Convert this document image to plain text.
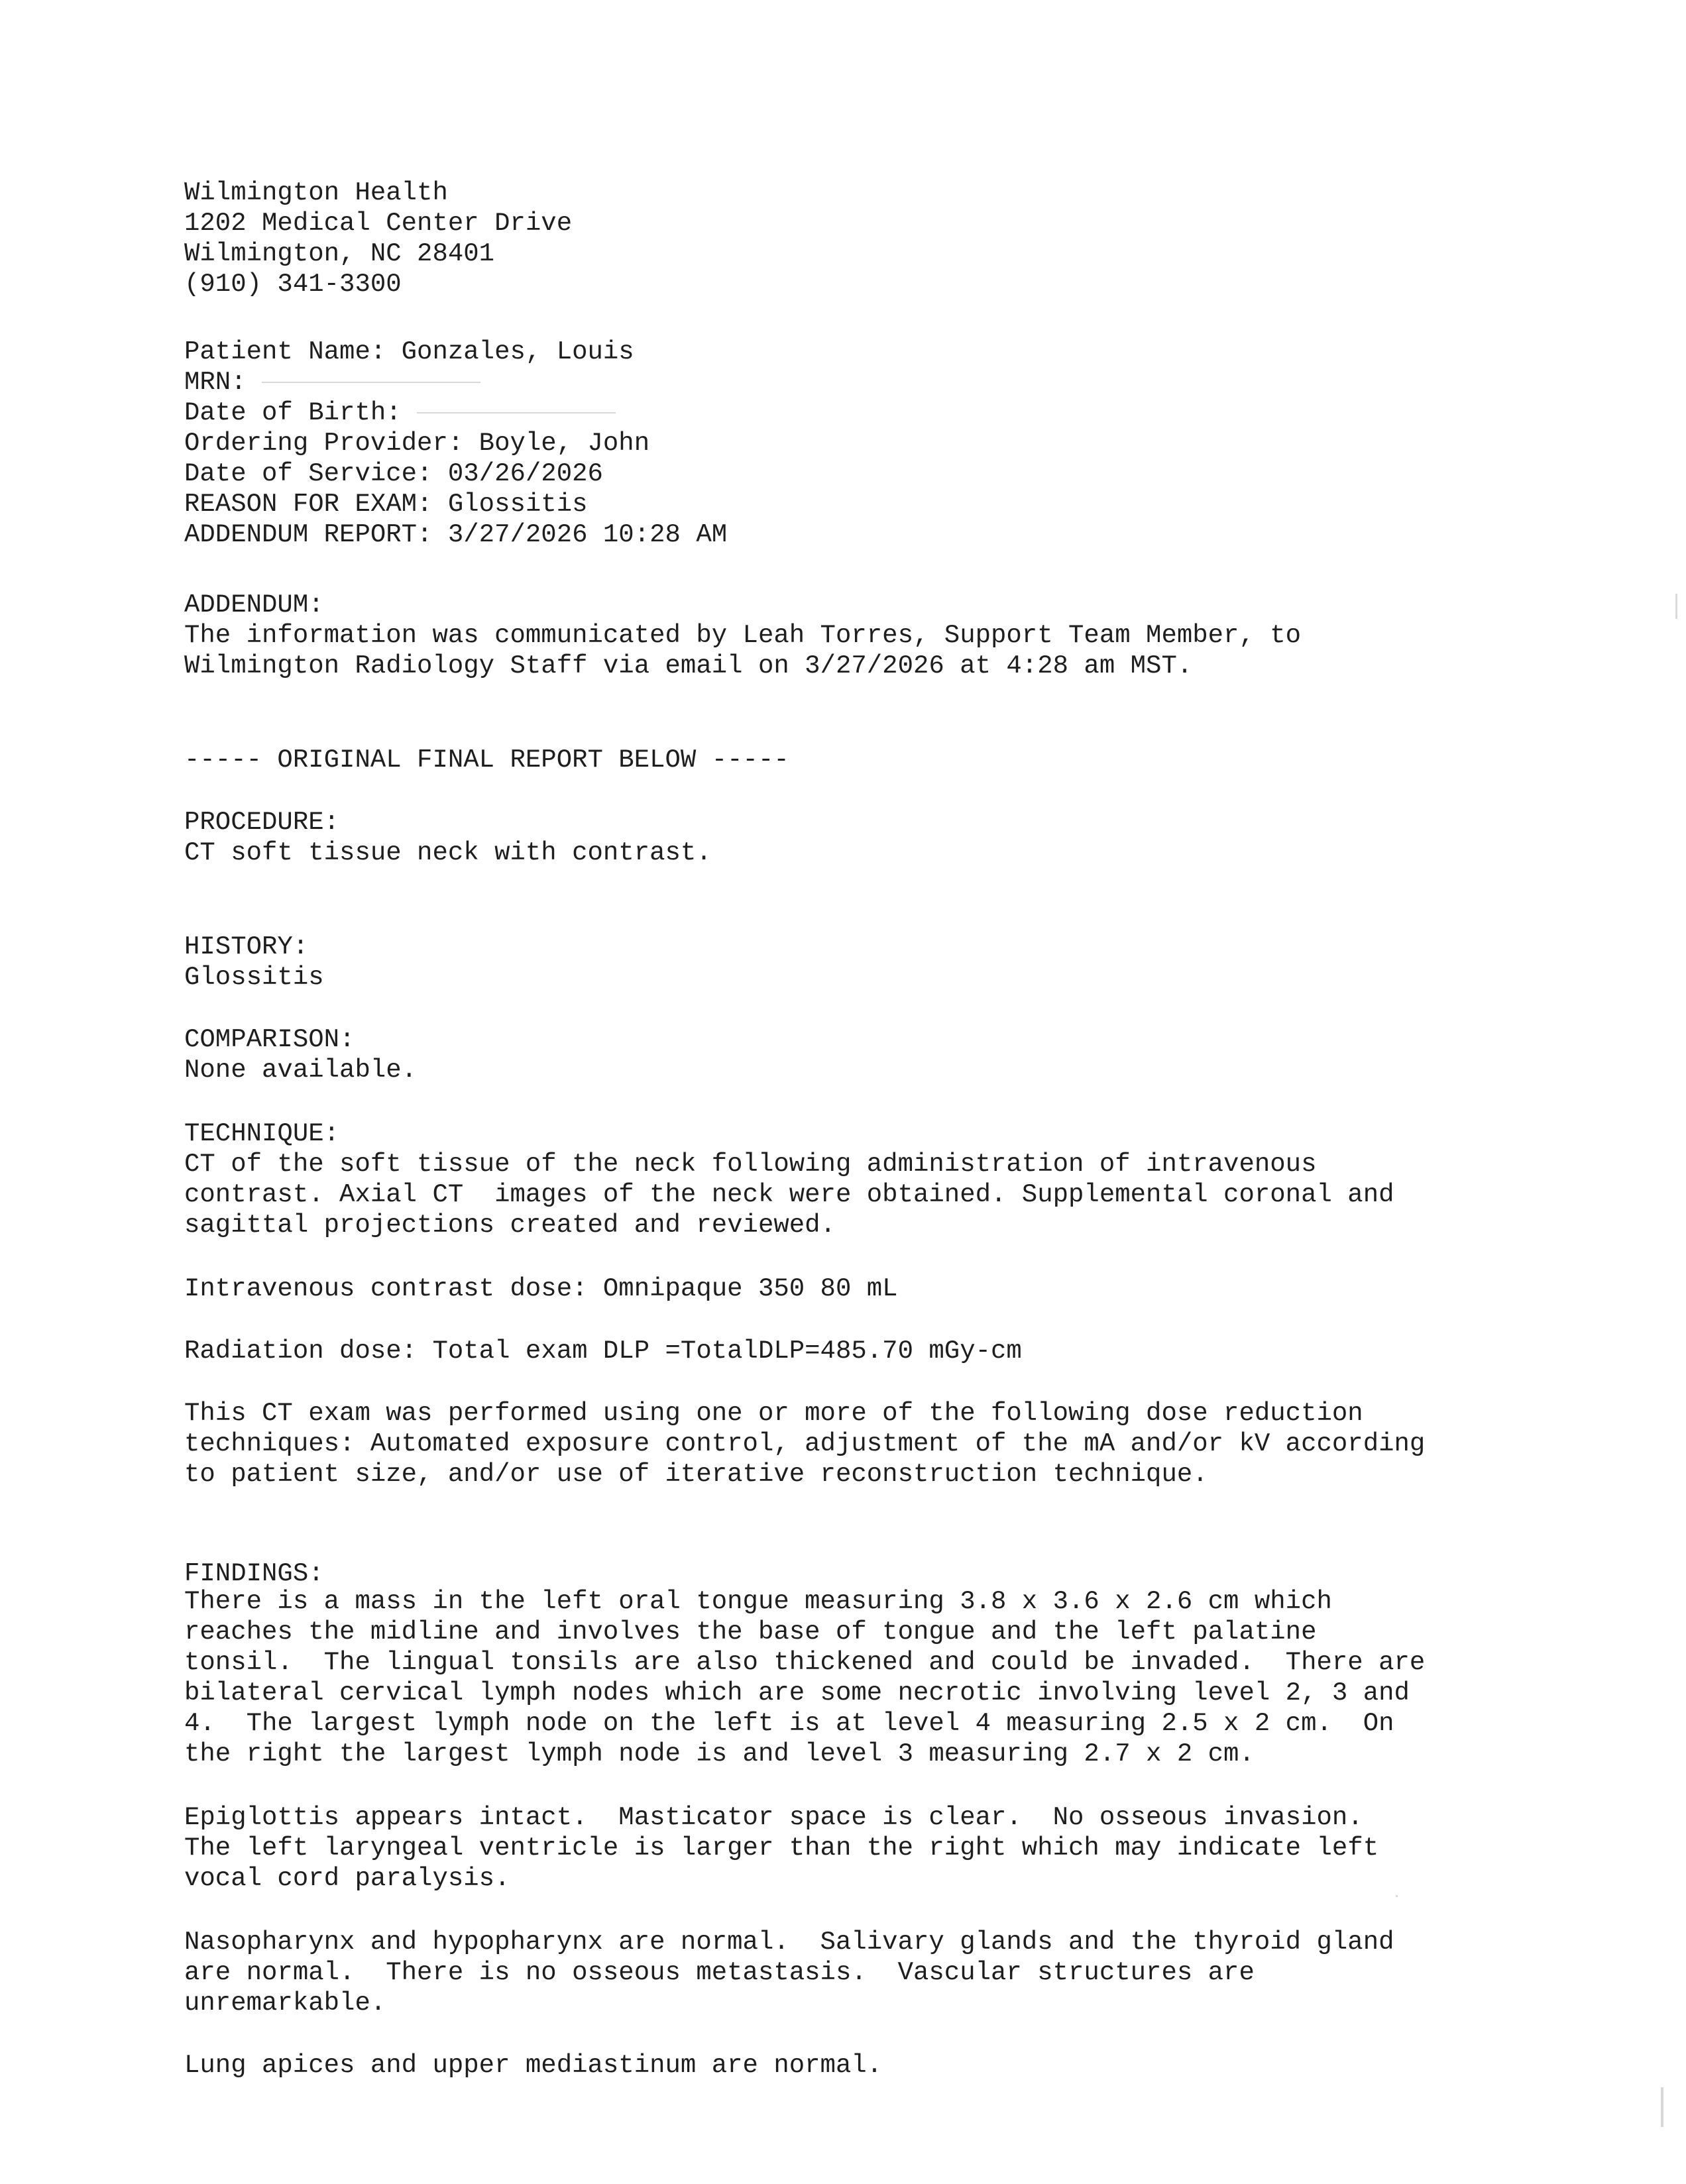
Wilmington Health
1202 Medical Center Drive
Wilmington, NC 28401
(910) 341-3300
Patient Name: Gonzales, Louis
MRN:
Date of Birth:
Ordering Provider: Boyle, John
Date of Service: 03/26/2026
REASON FOR EXAM: Glossitis
ADDENDUM REPORT: 3/27/2026 10:28 AM
ADDENDUM:
The information was communicated by Leah Torres, Support Team Member, to
Wilmington Radiology Staff via email on 3/27/2026 at 4:28 am MST.
----- ORIGINAL FINAL REPORT BELOW -----
PROCEDURE:
CT soft tissue neck with contrast.
HISTORY:
Glossitis
COMPARISON:
None available.
TECHNIQUE:
CT of the soft tissue of the neck following administration of intravenous
contrast. Axial CT  images of the neck were obtained. Supplemental coronal and
sagittal projections created and reviewed.
Intravenous contrast dose: Omnipaque 350 80 mL
Radiation dose: Total exam DLP =TotalDLP=485.70 mGy-cm
This CT exam was performed using one or more of the following dose reduction
techniques: Automated exposure control, adjustment of the mA and/or kV according
to patient size, and/or use of iterative reconstruction technique.
FINDINGS:
There is a mass in the left oral tongue measuring 3.8 x 3.6 x 2.6 cm which
reaches the midline and involves the base of tongue and the left palatine
tonsil.  The lingual tonsils are also thickened and could be invaded.  There are
bilateral cervical lymph nodes which are some necrotic involving level 2, 3 and
4.  The largest lymph node on the left is at level 4 measuring 2.5 x 2 cm.  On
the right the largest lymph node is and level 3 measuring 2.7 x 2 cm.
Epiglottis appears intact.  Masticator space is clear.  No osseous invasion.
The left laryngeal ventricle is larger than the right which may indicate left
vocal cord paralysis.
Nasopharynx and hypopharynx are normal.  Salivary glands and the thyroid gland
are normal.  There is no osseous metastasis.  Vascular structures are
unremarkable.
Lung apices and upper mediastinum are normal.
